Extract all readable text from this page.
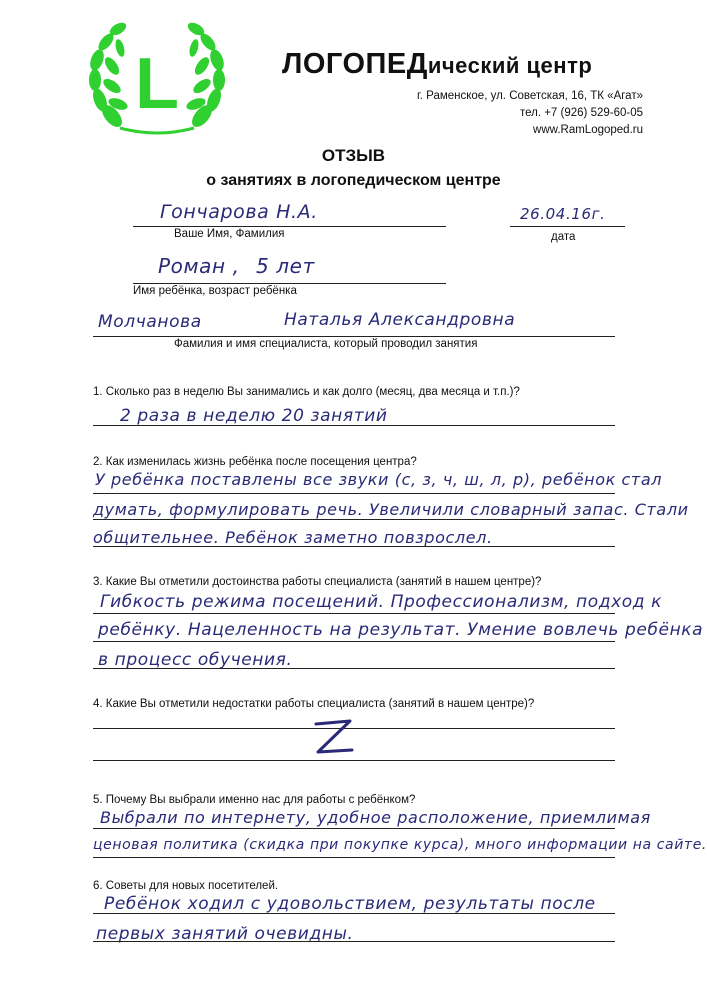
L	ЛОГОПЕДический центр
г. Раменское, ул. Советская, 16, ТК «Агат»
тел. +7 (926) 529-60-05
www.RamLogoped.ru
ОТЗЫВ
о занятиях в логопедическом центре
Гончарова Н.А.
Ваше Имя, Фамилия
26.04.16г.
дата
Роман , 5 лет
Имя ребёнка, возраст ребёнка
Молчанова	Наталья Александровна
Фамилия и имя специалиста, который проводил занятия
1. Сколько раз в неделю Вы занимались и как долго (месяц, два месяца и т.п.)?
2 раза в неделю 20 занятий
2. Как изменилась жизнь ребёнка после посещения центра?
У ребёнка поставлены все звуки (с, з, ч, ш, л, р), ребёнок стал
думать, формулировать речь. Увеличили словарный запас. Стали
общительнее. Ребёнок заметно повзрослел.
3. Какие Вы отметили достоинства работы специалиста (занятий в нашем центре)?
Гибкость режима посещений. Профессионализм, подход к
ребёнку. Нацеленность на результат. Умение вовлечь ребёнка
в процесс обучения.
4. Какие Вы отметили недостатки работы специалиста (занятий в нашем центре)?
5. Почему Вы выбрали именно нас для работы с ребёнком?
Выбрали по интернету, удобное расположение, приемлимая
ценовая политика (скидка при покупке курса), много информации на сайте.
6. Советы для новых посетителей.
Ребёнок ходил с удовольствием, результаты после
первых занятий очевидны.
